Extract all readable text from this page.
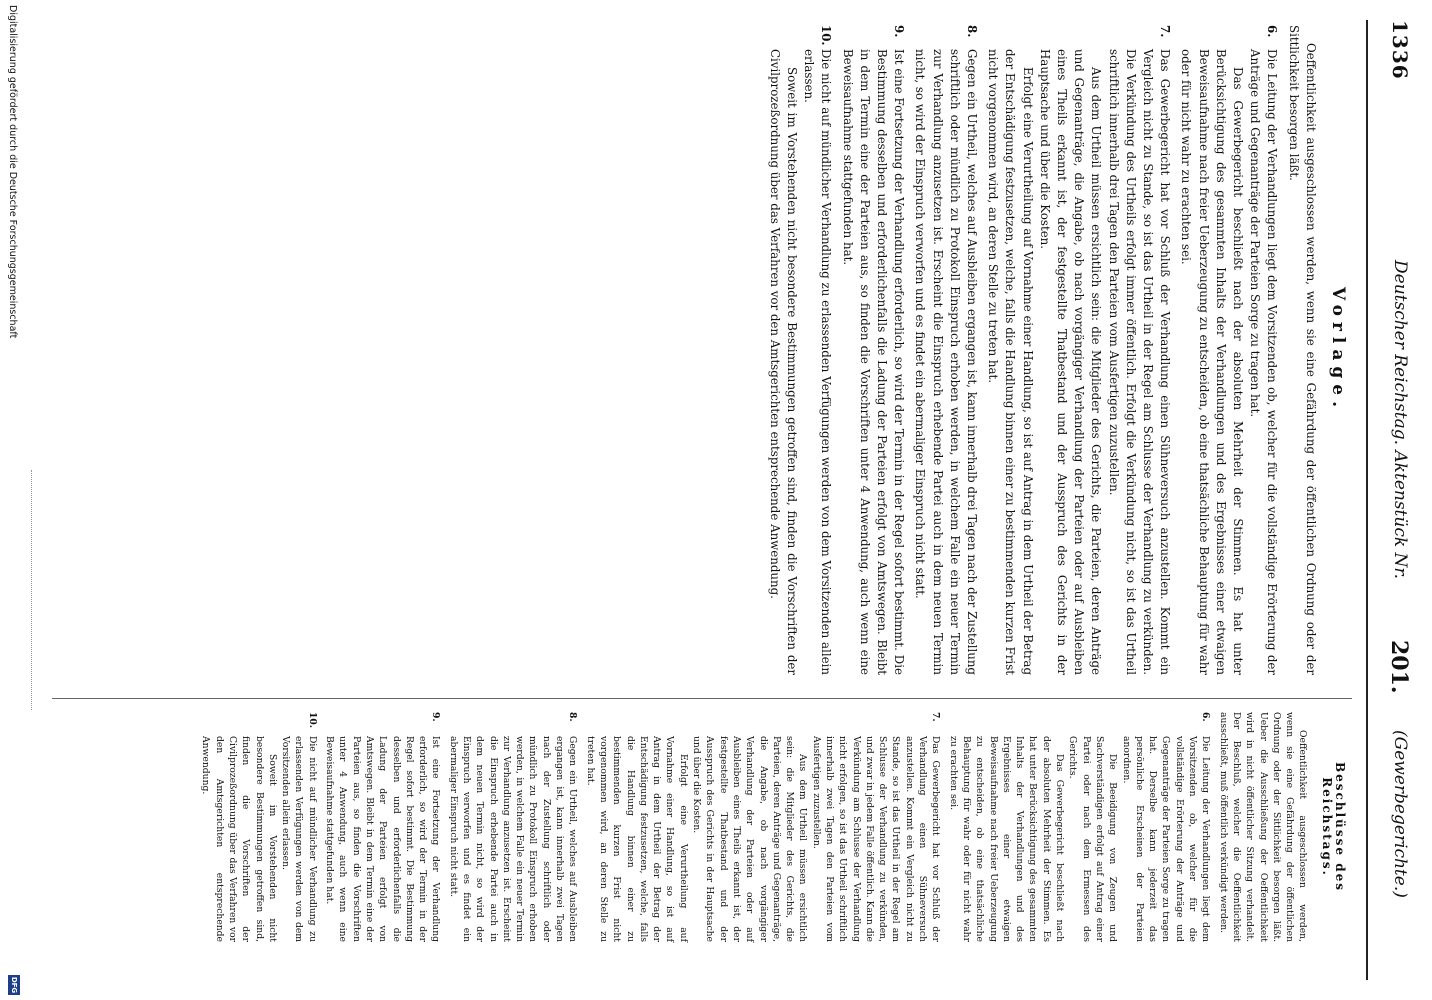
1336
Deutscher Reichstag. Aktenstück Nr.
201.
(Gewerbegerichte.)
Vorlage.

Oeffentlichkeit ausgeschlossen werden, wenn sie eine Gefährdung der öffentlichen Ordnung oder der Sittlichkeit besorgen läßt.

6.

Die Leitung der Verhandlungen liegt dem Vorsitzenden ob, welcher für die vollständige Erörterung der Anträge und Gegenanträge der Parteien Sorge zu tragen hat.

Das Gewerbegericht beschließt nach der absoluten Mehrheit der Stimmen. Es hat unter Berücksichtigung des gesammten Inhalts der Verhandlungen und des Ergebnisses einer etwaigen Beweisaufnahme nach freier Ueberzeugung zu entscheiden, ob eine thatsächliche Behauptung für wahr oder für nicht wahr zu erachten sei.

7.

Das Gewerbegericht hat vor Schluß der Verhandlung einen Sühneversuch anzustellen. Kommt ein Vergleich nicht zu Stande, so ist das Urtheil in der Regel am Schlusse der Verhandlung zu verkünden. Die Verkündung des Urtheils erfolgt immer öffentlich. Erfolgt die Verkündung nicht, so ist das Urtheil schriftlich innerhalb drei Tagen den Parteien vom Ausfertigen zuzustellen.

Aus dem Urtheil müssen ersichtlich sein: die Mitglieder des Gerichts, die Parteien, deren Anträge und Gegenanträge, die Angabe, ob nach vorgängiger Verhandlung der Parteien oder auf Ausbleiben eines Theils erkannt ist, der festgestellte Thatbestand und der Ausspruch des Gerichts in der Hauptsache und über die Kosten.

Erfolgt eine Verurtheilung auf Vornahme einer Handlung, so ist auf Antrag in dem Urtheil der Betrag der Entschädigung festzusetzen, welche, falls die Handlung binnen einer zu bestimmenden kurzen Frist nicht vorgenommen wird, an deren Stelle zu treten hat.

8.

Gegen ein Urtheil, welches auf Ausbleiben ergangen ist, kann innerhalb drei Tagen nach der Zustellung schriftlich oder mündlich zu Protokoll Einspruch erhoben werden, in welchem Falle ein neuer Termin zur Verhandlung anzusetzen ist. Erscheint die Einspruch erhebende Partei auch in dem neuen Termin nicht, so wird der Einspruch verworfen und es findet ein abermaliger Einspruch nicht statt.

9.

Ist eine Fortsetzung der Verhandlung erforderlich, so wird der Termin in der Regel sofort bestimmt. Die Bestimmung desselben und erforderlichenfalls die Ladung der Parteien erfolgt von Amtswegen. Bleibt in dem Termin eine der Parteien aus, so finden die Vorschriften unter 4 Anwendung, auch wenn eine Beweisaufnahme stattgefunden hat.

10.

Die nicht auf mündlicher Verhandlung zu erlassenden Verfügungen werden von dem Vorsitzenden allein erlassen.

Soweit im Vorstehenden nicht besondere Bestimmungen getroffen sind, finden die Vorschriften der Civilprozeßordnung über das Verfahren vor den Amtsgerichten entsprechende Anwendung.

Beschlüsse des Reichstags.

Oeffentlichkeit ausgeschlossen werden, wenn sie eine Gefährdung der öffentlichen Ordnung oder der Sittlichkeit besorgen läßt. Ueber die Ausschließung der Oeffentlichkeit wird in nicht öffentlicher Sitzung verhandelt. Der Beschluß, welcher die Oeffentlichkeit ausschließt, muß öffentlich verkündigt werden.

6.

Die Leitung der Verhandlungen liegt dem Vorsitzenden ob, welcher für die vollständige Erörterung der Anträge und Gegenanträge der Parteien Sorge zu tragen hat. Derselbe kann jederzeit das persönliche Erscheinen der Parteien anordnen.

Die Beeidigung von Zeugen und Sachverständigen erfolgt auf Antrag einer Partei oder nach dem Ermessen des Gerichts.

Das Gewerbegericht beschließt nach der absoluten Mehrheit der Stimmen. Es hat unter Berücksichtigung des gesammten Inhalts der Verhandlungen und des Ergebnisses einer etwaigen Beweisaufnahme nach freier Ueberzeugung zu entscheiden, ob eine thatsächliche Behauptung für wahr oder für nicht wahr zu erachten sei.

7.

Das Gewerbegericht hat vor Schluß der Verhandlung einen Sühneversuch anzustellen. Kommt ein Vergleich nicht zu Stande, so ist das Urtheil in der Regel am Schlusse der Verhandlung zu verkünden, und zwar in jedem Falle öffentlich. Kann die Verkündung am Schlusse der Verhandlung nicht erfolgen, so ist das Urtheil schriftlich innerhalb zwei Tagen den Parteien vom Ausfertigen zuzustellen.

Aus dem Urtheil müssen ersichtlich sein: die Mitglieder des Gerichts, die Parteien, deren Anträge und Gegenanträge, die Angabe, ob nach vorgängiger Verhandlung der Parteien oder auf Ausbleiben eines Theils erkannt ist, der festgestellte Thatbestand und der Ausspruch des Gerichts in der Hauptsache und über die Kosten.

Erfolgt eine Verurtheilung auf Vornahme einer Handlung, so ist auf Antrag in dem Urtheil der Betrag der Entschädigung festzusetzen, welche, falls die Handlung binnen einer zu bestimmenden kurzen Frist nicht vorgenommen wird, an deren Stelle zu treten hat.

8.

Gegen ein Urtheil, welches auf Ausbleiben ergangen ist, kann innerhalb zwei Tagen nach der Zustellung schriftlich oder mündlich zu Protokoll Einspruch erhoben werden, in welchem Falle ein neuer Termin zur Verhandlung anzusetzen ist. Erscheint die Einspruch erhebende Partei auch in dem neuen Termin nicht, so wird der Einspruch verworfen und es findet ein abermaliger Einspruch nicht statt.

9.

Ist eine Fortsetzung der Verhandlung erforderlich, so wird der Termin in der Regel sofort bestimmt. Die Bestimmung desselben und erforderlichenfalls die Ladung der Parteien erfolgt von Amtswegen. Bleibt in dem Termin eine der Parteien aus, so finden die Vorschriften unter 4 Anwendung, auch wenn eine Beweisaufnahme stattgefunden hat.

10.

Die nicht auf mündlicher Verhandlung zu erlassenden Verfügungen werden von dem Vorsitzenden allein erlassen.

Soweit im Vorstehenden nicht besondere Bestimmungen getroffen sind, finden die Vorschriften der Civilprozeßordnung über das Verfahren vor den Amtsgerichten entsprechende Anwendung.

Digitalisierung gefördert durch die Deutsche Forschungsgemeinschaft
DFG
